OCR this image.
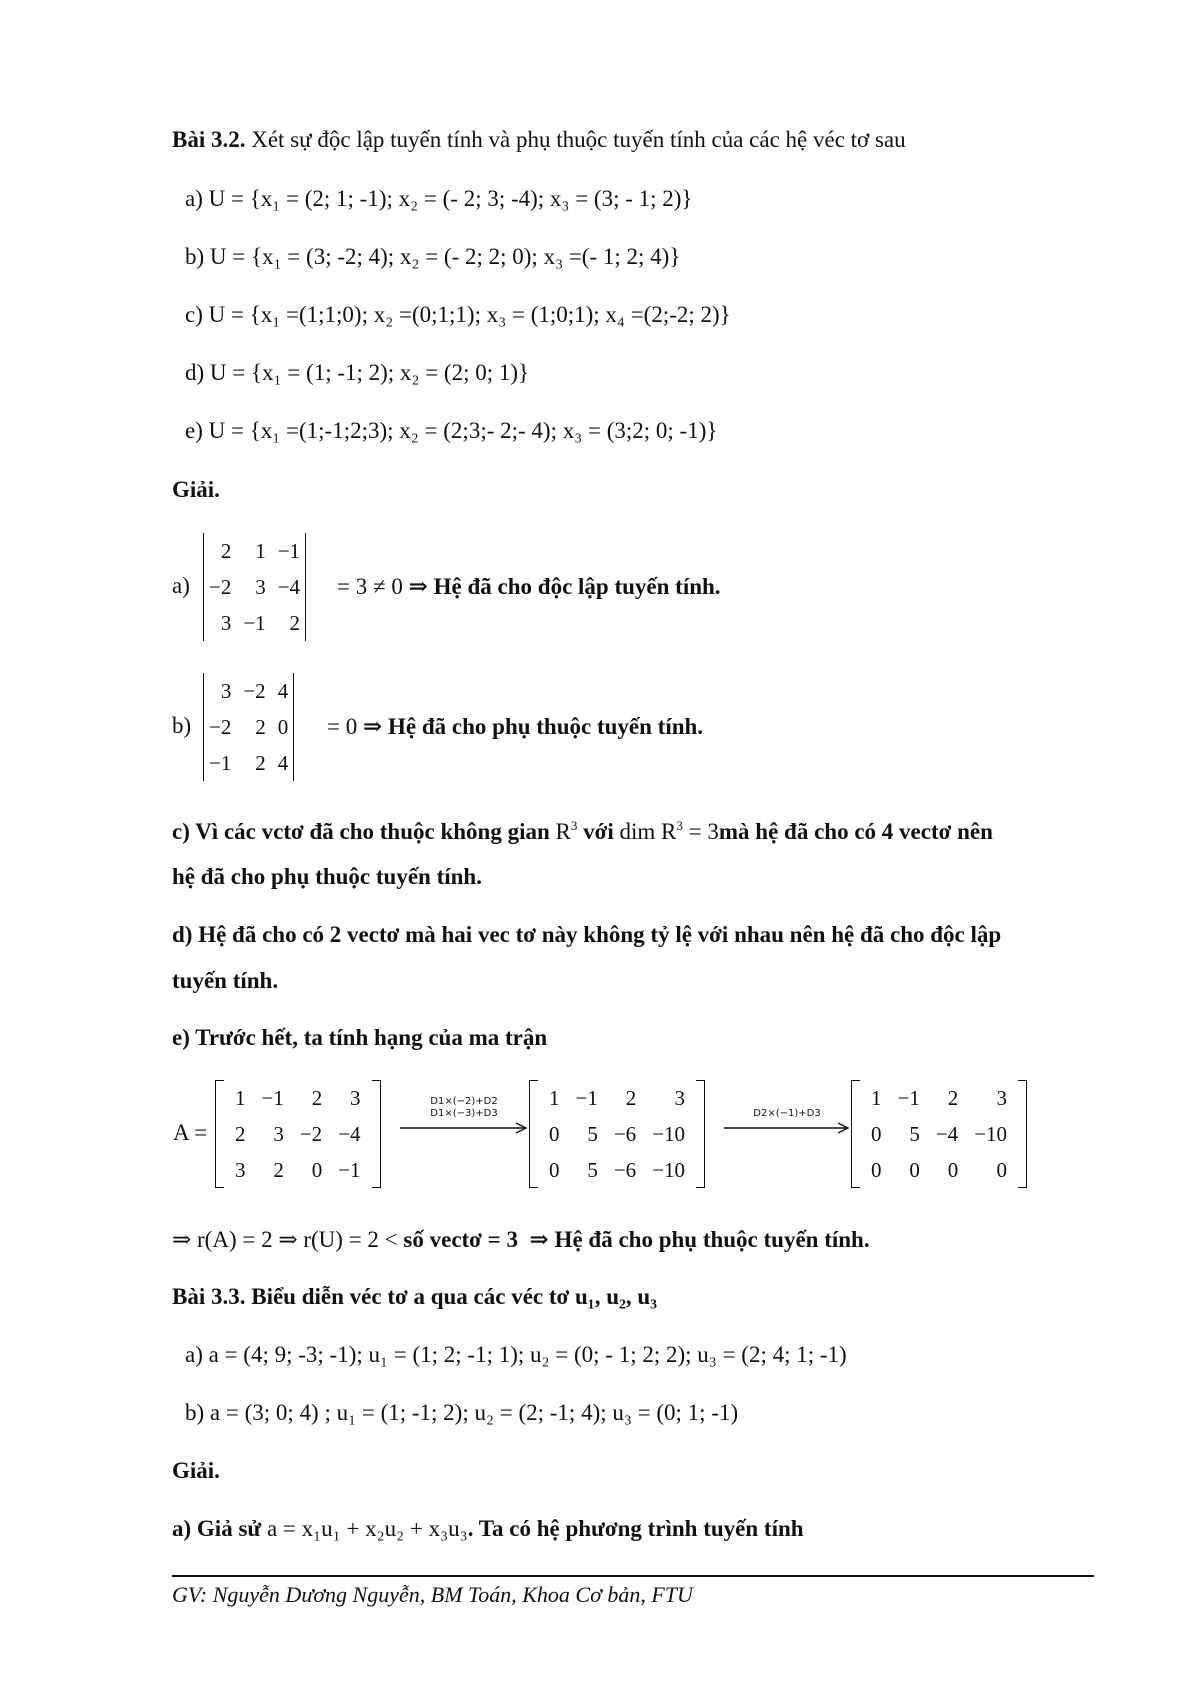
Bài 3.2. Xét sự độc lập tuyến tính và phụ thuộc tuyến tính của các hệ véc tơ sau
a) U = {x₁ = (2; 1; -1); x₂ = (- 2; 3; -4); x₃ = (3; - 1; 2)}
b) U = {x₁ = (3; -2; 4); x₂ = (- 2; 2; 0); x₃ =(- 1; 2; 4)}
c) U = {x₁ =(1;1;0); x₂ =(0;1;1); x₃ = (1;0;1); x₄ =(2;-2; 2)}
d) U = {x₁ = (1; -1; 2); x₂ = (2; 0; 1)}
e) U = {x₁ =(1;-1;2;3); x₂ = (2;3;- 2;- 4); x₃ = (3;2; 0; -1)}
Giải.
a)
2	1	−1
−2	3	−4
3	−1	2
= 3 ≠ 0 ⇒ Hệ đã cho độc lập tuyến tính.
b)
3	−2	4
−2	2	0
−1	2	4
= 0 ⇒ Hệ đã cho phụ thuộc tuyến tính.
c) Vì các vctơ đã cho thuộc không gian $R^3$ với dim $R^3$ = 3mà hệ đã cho có 4 vectơ nên
hệ đã cho phụ thuộc tuyến tính.
d) Hệ đã cho có 2 vectơ mà hai vec tơ này không tỷ lệ với nhau nên hệ đã cho độc lập
tuyến tính.
e) Trước hết, ta tính hạng của ma trận
A =
1	−1	2	3
2	3	−2	−4
3	2	0	−1
D1×(−2)+D2
D1×(−3)+D3
1	−1	2	3
0	5	−6	−10
0	5	−6	−10
D2×(−1)+D3
1	−1	2	3
0	5	−4	−10
0	0	0	0
⇒ r(A) = 2 ⇒ r(U) = 2 < số vectơ = 3 ⇒ Hệ đã cho phụ thuộc tuyến tính.
Bài 3.3. Biểu diễn véc tơ a qua các véc tơ u₁, u₂, u₃
a) a = (4; 9; -3; -1); u₁ = (1; 2; -1; 1); u₂ = (0; - 1; 2; 2); u₃ = (2; 4; 1; -1)
b) a = (3; 0; 4) ; u₁ = (1; -1; 2); u₂ = (2; -1; 4); u₃ = (0; 1; -1)
Giải.
a) Giả sử a = x₁u₁ + x₂u₂ + x₃u₃. Ta có hệ phương trình tuyến tính
GV: Nguyễn Dương Nguyễn, BM Toán, Khoa Cơ bản, FTU
